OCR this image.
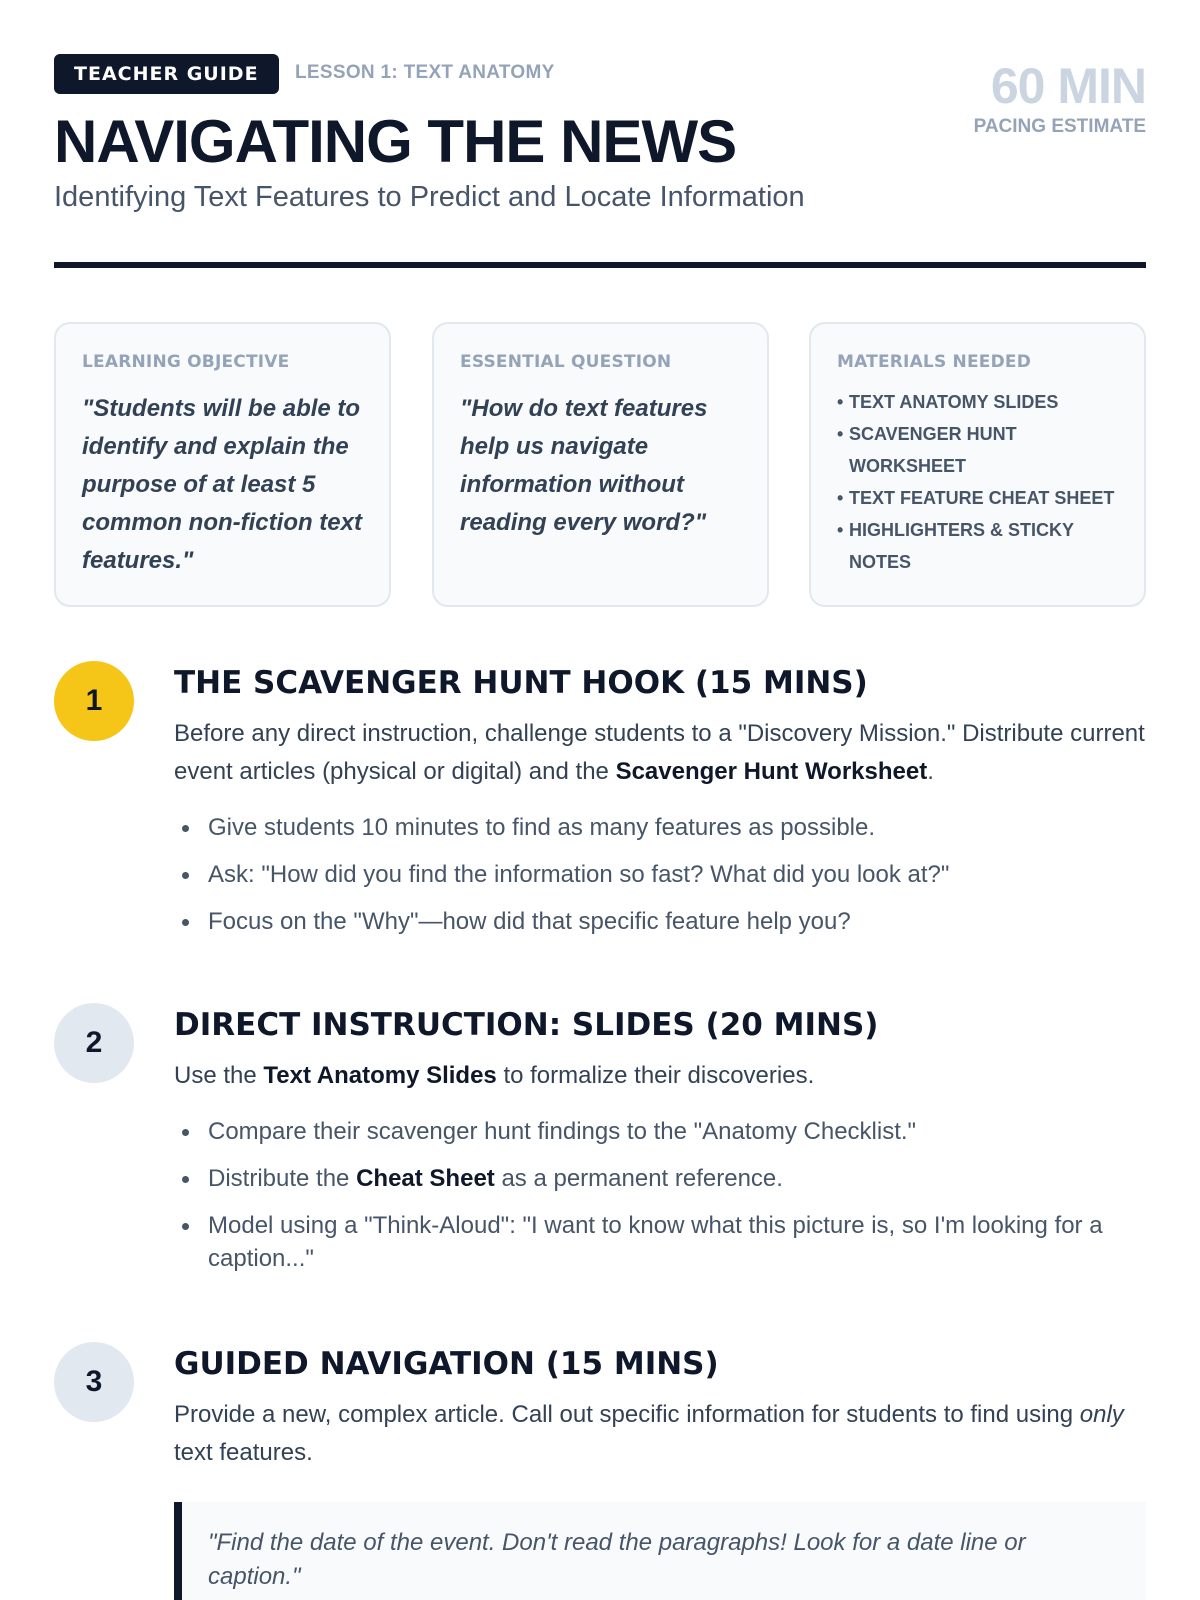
TEACHER GUIDE	LESSON 1: TEXT ANATOMY
NAVIGATING THE NEWS
Identifying Text Features to Predict and Locate Information
60 MIN
PACING ESTIMATE
LEARNING OBJECTIVE
"Students will be able to identify and explain the purpose of at least 5 common non-fiction text features."
ESSENTIAL QUESTION
"How do text features help us navigate information without reading every word?"
MATERIALS NEEDED
• TEXT ANATOMY SLIDES
• SCAVENGER HUNT WORKSHEET
• TEXT FEATURE CHEAT SHEET
• HIGHLIGHTERS & STICKY NOTES
1	THE SCAVENGER HUNT HOOK (15 MINS)

Before any direct instruction, challenge students to a "Discovery Mission." Distribute current event articles (physical or digital) and the Scavenger Hunt Worksheet.

Give students 10 minutes to find as many features as possible.
Ask: "How did you find the information so fast? What did you look at?"
Focus on the "Why"—how did that specific feature help you?
2	DIRECT INSTRUCTION: SLIDES (20 MINS)

Use the Text Anatomy Slides to formalize their discoveries.

Compare their scavenger hunt findings to the "Anatomy Checklist."
Distribute the Cheat Sheet as a permanent reference.
Model using a "Think-Aloud": "I want to know what this picture is, so I'm looking for a caption..."
3	GUIDED NAVIGATION (15 MINS)

Provide a new, complex article. Call out specific information for students to find using only text features.

"Find the date of the event. Don't read the paragraphs! Look for a date line or caption."
